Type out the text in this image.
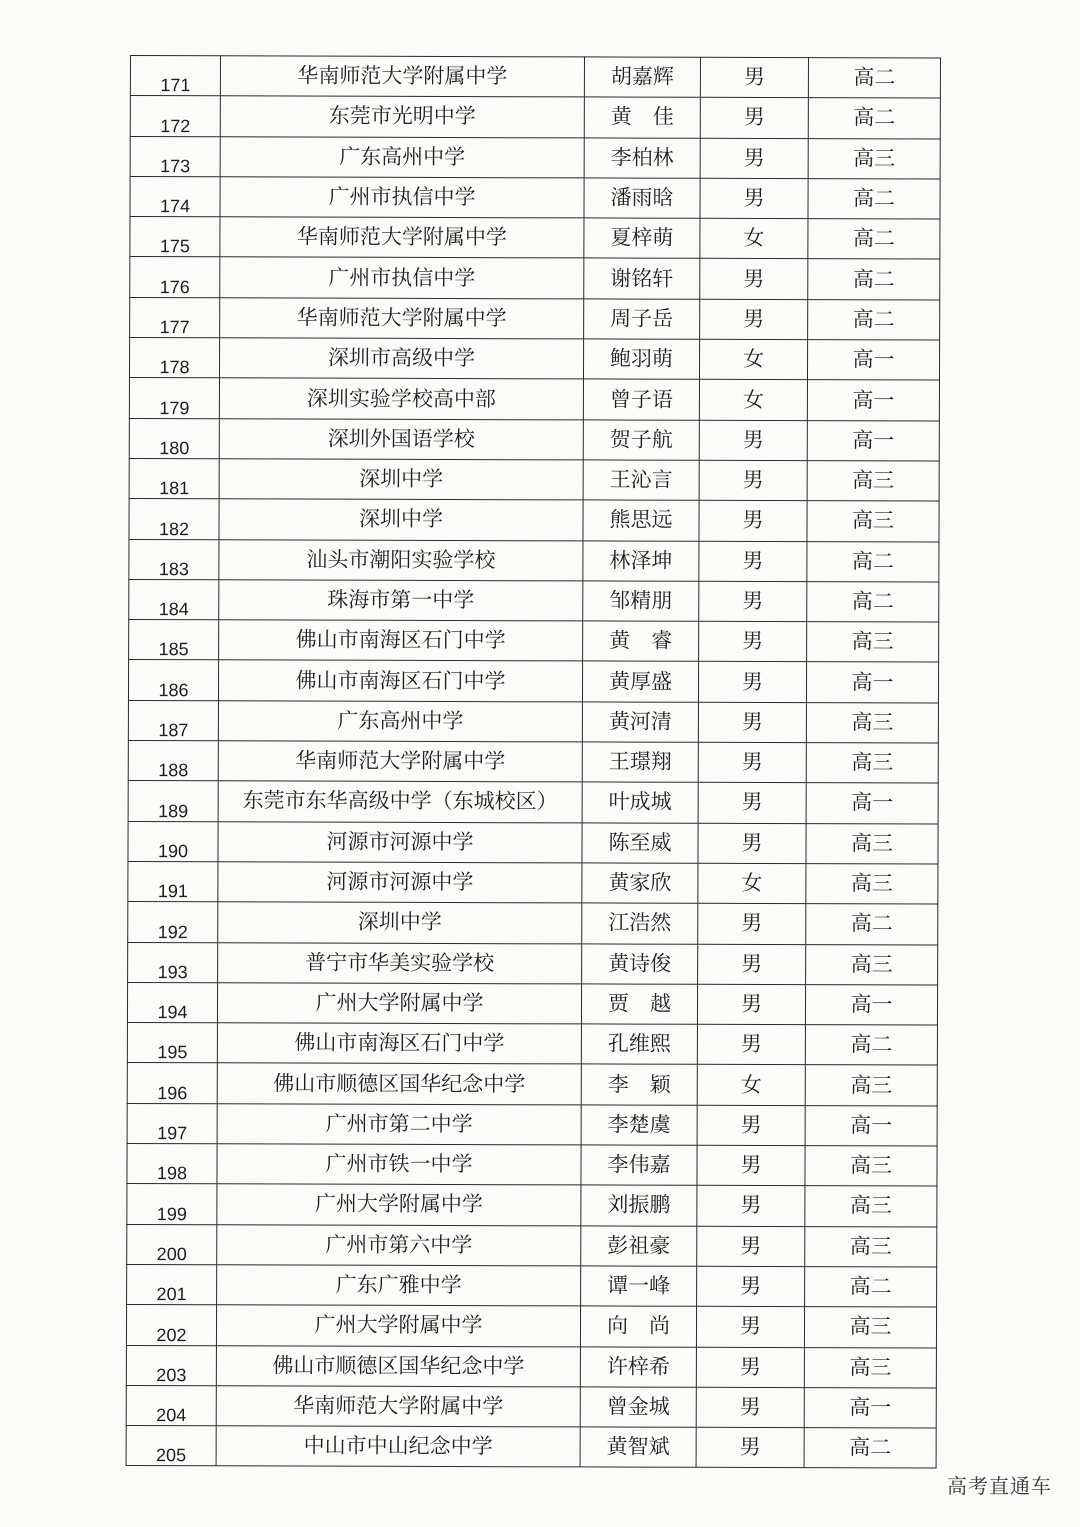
171	华南师范大学附属中学	胡嘉辉	男	高二
172	东莞市光明中学	黄　佳	男	高二
173	广东高州中学	李柏林	男	高三
174	广州市执信中学	潘雨晗	男	高二
175	华南师范大学附属中学	夏梓萌	女	高二
176	广州市执信中学	谢铭轩	男	高二
177	华南师范大学附属中学	周子岳	男	高二
178	深圳市高级中学	鲍羽萌	女	高一
179	深圳实验学校高中部	曾子语	女	高一
180	深圳外国语学校	贺子航	男	高一
181	深圳中学	王沁言	男	高三
182	深圳中学	熊思远	男	高三
183	汕头市潮阳实验学校	林泽坤	男	高二
184	珠海市第一中学	邹精朋	男	高二
185	佛山市南海区石门中学	黄　睿	男	高三
186	佛山市南海区石门中学	黄厚盛	男	高一
187	广东高州中学	黄河清	男	高三
188	华南师范大学附属中学	王璟翔	男	高三
189	东莞市东华高级中学（东城校区）	叶成城	男	高一
190	河源市河源中学	陈至威	男	高三
191	河源市河源中学	黄家欣	女	高三
192	深圳中学	江浩然	男	高二
193	普宁市华美实验学校	黄诗俊	男	高三
194	广州大学附属中学	贾　越	男	高一
195	佛山市南海区石门中学	孔维熙	男	高二
196	佛山市顺德区国华纪念中学	李　颖	女	高三
197	广州市第二中学	李楚虞	男	高一
198	广州市铁一中学	李伟嘉	男	高三
199	广州大学附属中学	刘振鹏	男	高三
200	广州市第六中学	彭祖豪	男	高三
201	广东广雅中学	谭一峰	男	高二
202	广州大学附属中学	向　尚	男	高三
203	佛山市顺德区国华纪念中学	许梓希	男	高三
204	华南师范大学附属中学	曾金城	男	高一
205	中山市中山纪念中学	黄智斌	男	高二
高考直通车
